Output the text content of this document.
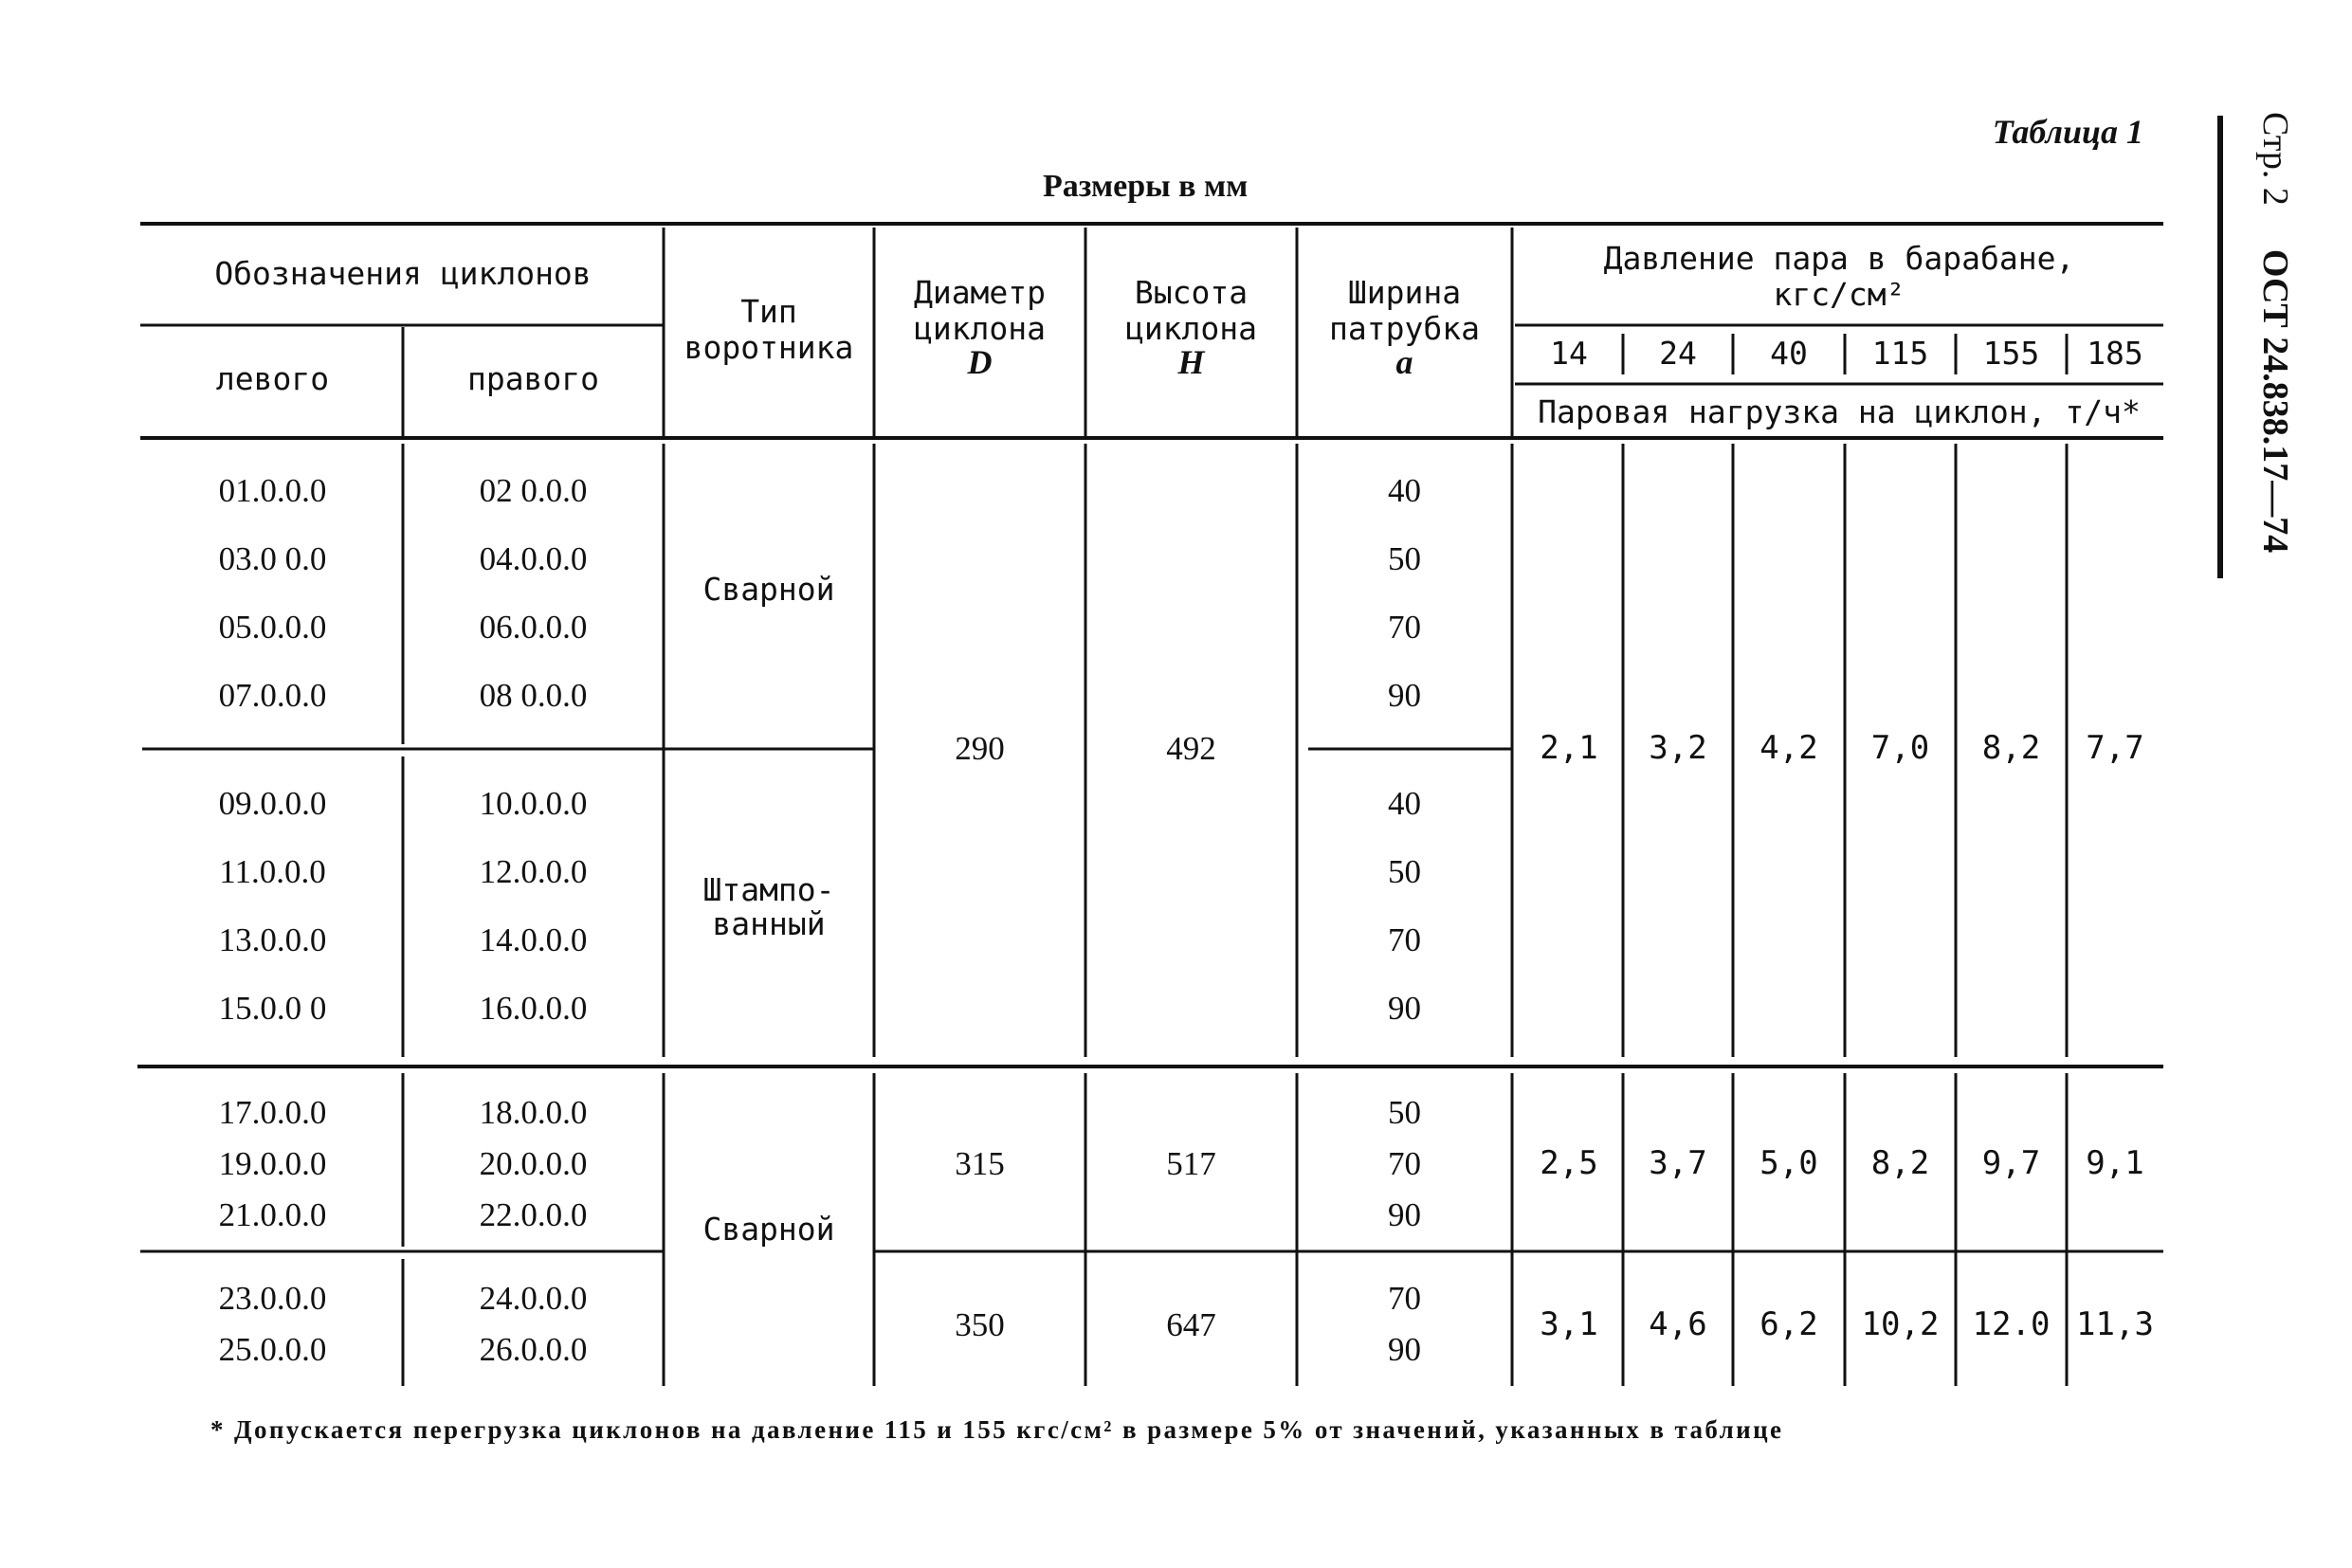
Таблица 1
Размеры в мм	Стр. 2ОСТ 24.838.17—74
Обозначения циклонов
левого	правого
Тип
воротника
Диаметр
циклона
D
Высота
циклона
H
Ширина
патрубка
a
Давление пара в барабане,
кгс/см²
14	24	40	115	155	185
Паровая нагрузка на циклон, т/ч*
01.0.0.0	02 0.0.0	40
03.0 0.0	04.0.0.0	50
05.0.0.0	06.0.0.0	70
07.0.0.0	08 0.0.0	90
Сварной
09.0.0.0	10.0.0.0	40
11.0.0.0	12.0.0.0	50
13.0.0.0	14.0.0.0	70
15.0.0 0	16.0.0.0	90
Штампо-
ванный
290	492	2,1	3,2	4,2	7,0	8,2	7,7
17.0.0.0	18.0.0.0	50
19.0.0.0	20.0.0.0	70
21.0.0.0	22.0.0.0	90
315	517	2,5	3,7	5,0	8,2	9,7	9,1
Сварной
23.0.0.0	24.0.0.0	70
25.0.0.0	26.0.0.0	90
350	647	3,1	4,6	6,2	10,2	12.0 11,3
* Допускается перегрузка циклонов на давление 115 и 155 кгс/см² в размере 5% от значений, указанных в таблице
